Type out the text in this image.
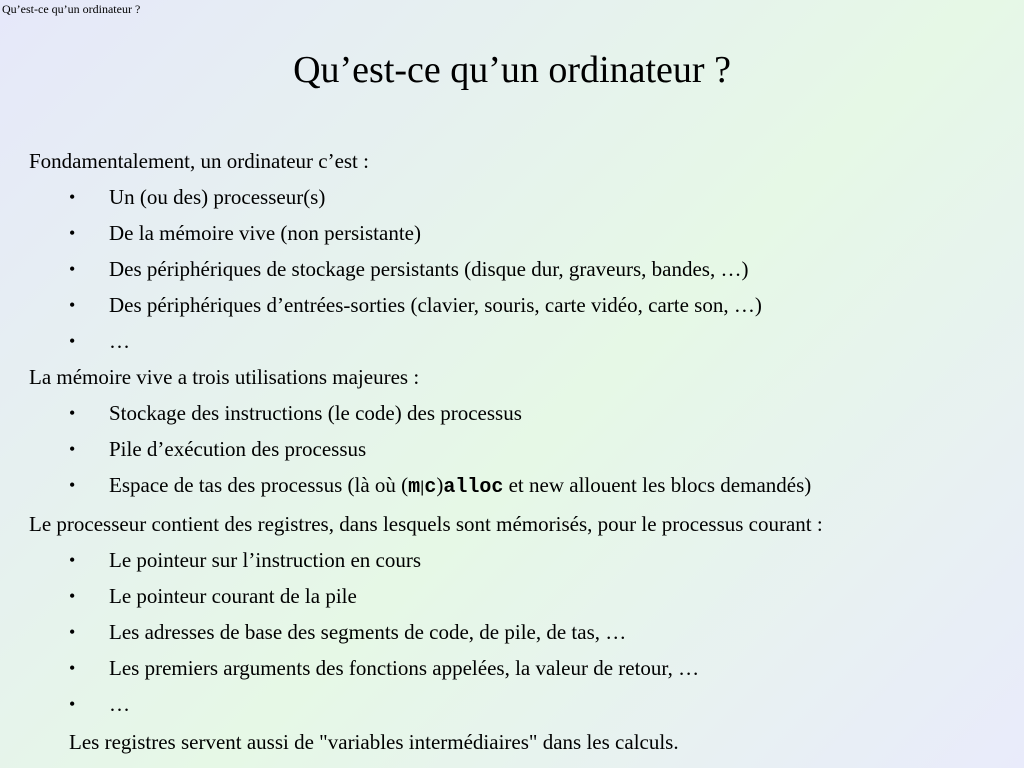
Qu’est-ce qu’un ordinateur ?
Qu’est-ce qu’un ordinateur ?
Fondamentalement, un ordinateur c’est :
• Un (ou des) processeur(s)
• De la mémoire vive (non persistante)
• Des périphériques de stockage persistants (disque dur, graveurs, bandes, …)
• Des périphériques d’entrées-sorties (clavier, souris, carte vidéo, carte son, …)
• …
La mémoire vive a trois utilisations majeures :
• Stockage des instructions (le code) des processus
• Pile d’exécution des processus
• Espace de tas des processus (là où (m|c)alloc et new allouent les blocs demandés)
Le processeur contient des registres, dans lesquels sont mémorisés, pour le processus courant :
• Le pointeur sur l’instruction en cours
• Le pointeur courant de la pile
• Les adresses de base des segments de code, de pile, de tas, …
• Les premiers arguments des fonctions appelées, la valeur de retour, …
• …
Les registres servent aussi de "variables intermédiaires" dans les calculs.
